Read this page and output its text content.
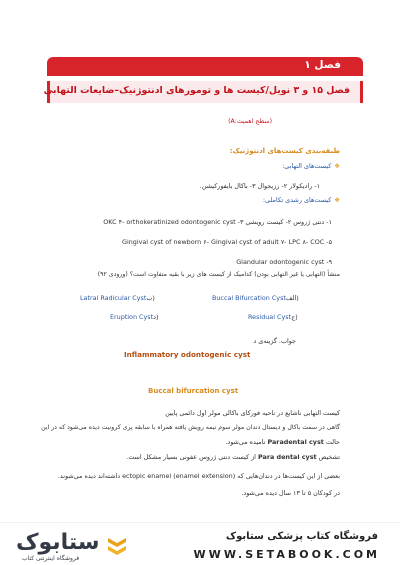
فصل ۱
فصل ۱۵ و ۳ نویل/کیست ها و تومورهای ادنتوژنیک–ضایعات التهابی
(سطح اهمیت:A)
طبقه‌بندی کیست‌های ادنتوژنیک:
❖کیست‌های التهابی:
۱- رادیکولار ۲- رزیجوال ۳- باکال بایفورکیشن.
❖کیست‌های رشدی تکاملی:
۱- دنتی ژروس ۲- کیست رویشی ۳- OKC ۴- orthokeratinized odontogenic cyst
۵- Gingival cyst of newborn ۶- Gingival cyst of adult ۷- LPC ۸- COC
۹- Glandular odontogenic cyst
منشأ (التهابی یا غیر التهابی بودن) کدامیک از کیست های زیر با بقیه متفاوت است؟ (ورودی ۹۲)
Buccal Bifurcation Cystالف)
Latral Radicular Cystب)
Residual Cystج)
Eruption Cystد)
جواب. گزینه‌ی د
Inflammatory odontogenic cyst
Buccal bifurcation cyst
کیست التهابی ناشایع در ناحیه فورکای باکالی مولر اول دائمی پایین
گاهی در سمت باکال و دیستال دندان مولر سوم نیمه رویش یافته همراه با سابقه پری کرونیت دیده می‌شود که در این
حالت Paradental cyst نامیده می‌شود.
تشخیص Para dental cyst از کیست دنتی ژروس عفونی بسیار مشکل است.
بعضی از این کیست‌ها در دندان‌هایی که ectopic enamel (enamel extension) داشته‌اند دیده می‌شوند.
در کودکان ۵ تا ۱۳ سال دیده می‌شود.
ستابوک
فروشگاه اینترنتی کتاب
فروشگاه کتاب پزشکی ستابوک
WWW.SETABOOK.COM
